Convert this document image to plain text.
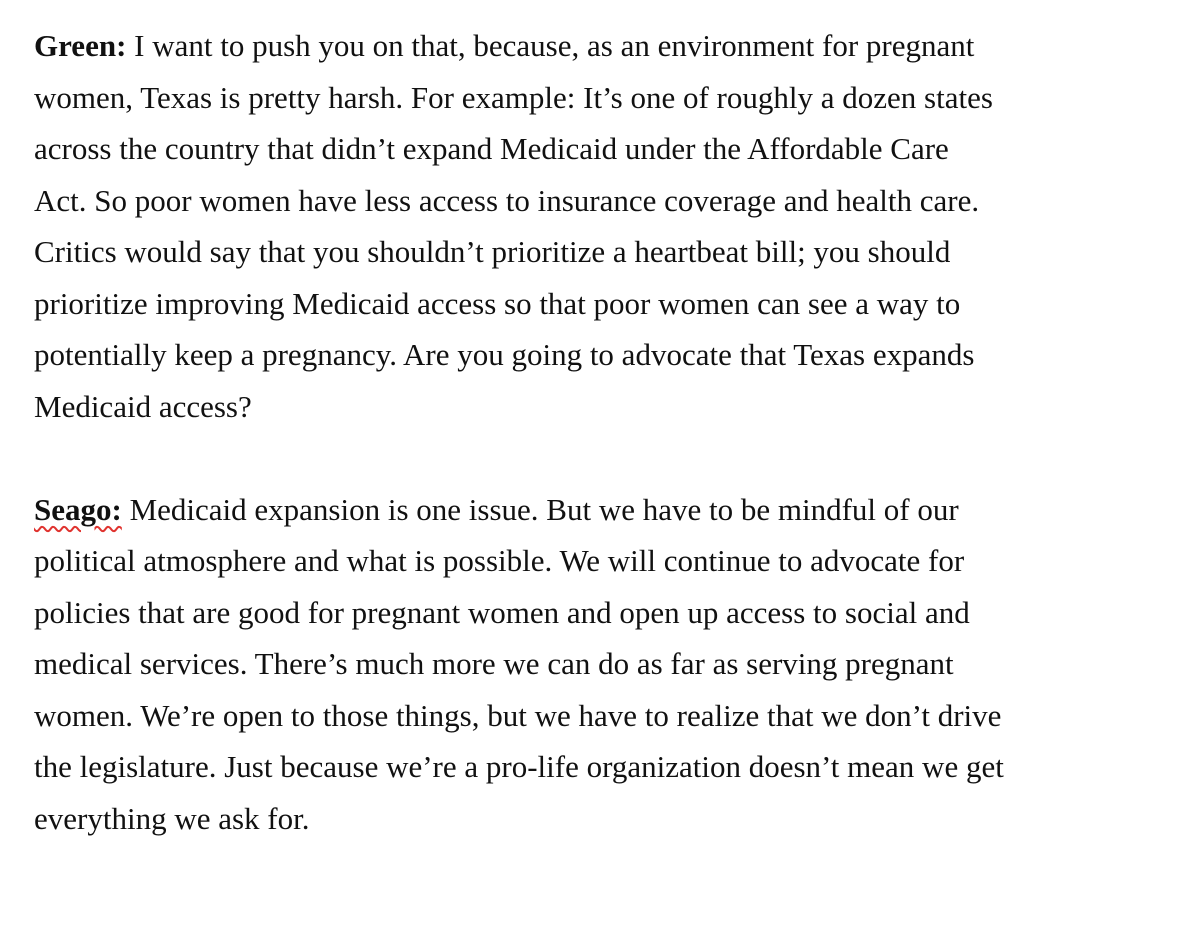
Green: I want to push you on that, because, as an environment for pregnant
women, Texas is pretty harsh. For example: It’s one of roughly a dozen states
across the country that didn’t expand Medicaid under the Affordable Care
Act. So poor women have less access to insurance coverage and health care.
Critics would say that you shouldn’t prioritize a heartbeat bill; you should
prioritize improving Medicaid access so that poor women can see a way to
potentially keep a pregnancy. Are you going to advocate that Texas expands
Medicaid access?

Seago: Medicaid expansion is one issue. But we have to be mindful of our
political atmosphere and what is possible. We will continue to advocate for
policies that are good for pregnant women and open up access to social and
medical services. There’s much more we can do as far as serving pregnant
women. We’re open to those things, but we have to realize that we don’t drive
the legislature. Just because we’re a pro-life organization doesn’t mean we get
everything we ask for.
